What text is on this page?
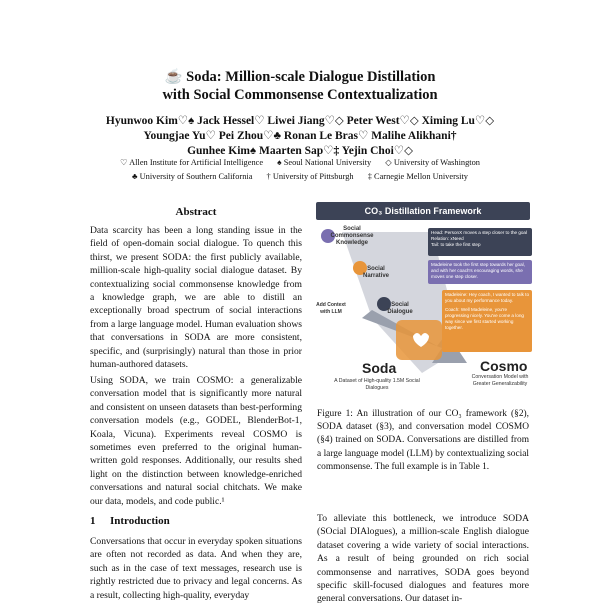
☕ Soda: Million-scale Dialogue Distillation
with Social Commonsense Contextualization
Hyunwoo Kim♡♠ Jack Hessel♡ Liwei Jiang♡◇ Peter West♡◇ Ximing Lu♡◇
Youngjae Yu♡ Pei Zhou♡♣ Ronan Le Bras♡ Malihe Alikhani†
Gunhee Kim♠ Maarten Sap♡‡ Yejin Choi♡◇
♡ Allen Institute for Artificial Intelligence ♠ Seoul National University ◇ University of Washington
♣ University of Southern California † University of Pittsburgh ‡ Carnegie Mellon University
Abstract
Data scarcity has been a long standing issue in the field of open-domain social dialogue. To quench this thirst, we present SODA: the first publicly available, million-scale high-quality social dialogue dataset. By contextualizing social commonsense knowledge from a knowledge graph, we are able to distill an exceptionally broad spectrum of social interactions from a large language model. Human evaluation shows that conversations in SODA are more consistent, specific, and (surprisingly) natural than those in prior human-authored datasets.
Using SODA, we train COSMO: a generalizable conversation model that is significantly more natural and consistent on unseen datasets than best-performing conversation models (e.g., GODEL, BlenderBot-1, Koala, Vicuna). Experiments reveal COSMO is sometimes even preferred to the original human-written gold responses. Additionally, our results shed light on the distinction between knowledge-enriched conversations and natural social chitchats. We make our data, models, and code public.¹
1 Introduction
Conversations that occur in everyday spoken situations are often not recorded as data. And when they are, such as in the case of text messages, research use is rightly restricted due to privacy and legal concerns. As a result, collecting high-quality, everyday
CO₃ Distillation Framework
Social Commonsense Knowledge
Social Narrative
Social Dialogue
Add Context with LLM
Head: PersonX moves a step closer to the goal
Relation: xNeed
Tail: to take the first step
Madeleine took the first step towards her goal, and with her coach's encouraging words, she moves one step closer.
Madeleine: Hey coach, I wanted to talk to you about my performance today.
Coach: Well Madeleine, you're progressing nicely. You've come a long way since we first started working together.
Soda
A Dataset of High-quality 1.5M Social Dialogues
Cosmo
Conversation Model with Greater Generalizability
Figure 1: An illustration of our CO₃ framework (§2), SODA dataset (§3), and conversation model COSMO (§4) trained on SODA. Conversations are distilled from a large language model (LLM) by contextualizing social commonsense. The full example is in Table 1.
To alleviate this bottleneck, we introduce SODA (SOcial DIAlogues), a million-scale English dialogue dataset covering a wide variety of social interactions. As a result of being grounded on rich social commonsense and narratives, SODA goes beyond specific skill-focused dialogues and features more general conversations. Our dataset in-
